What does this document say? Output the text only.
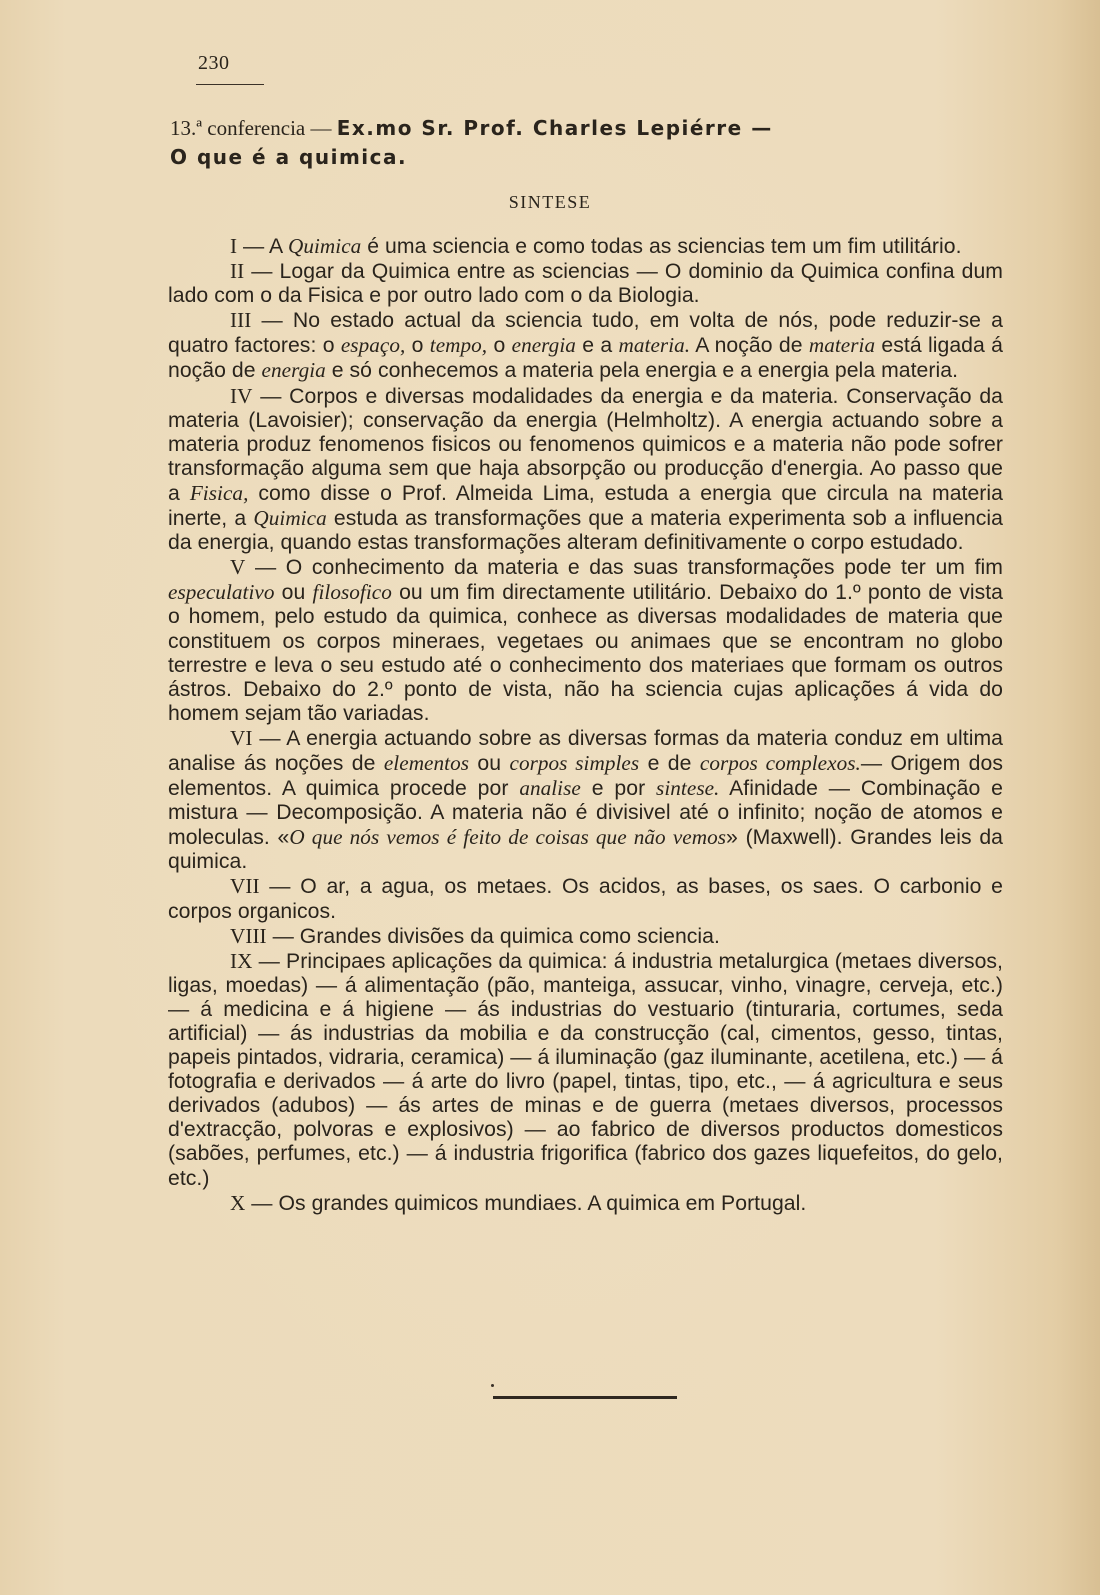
230
13.ª conferencia — Ex.mo Sr. Prof. Charles Lepiérre —
O que é a quimica.
SINTESE

I — A Quimica é uma sciencia e como todas as sciencias tem um fim utilitário.

II — Logar da Quimica entre as sciencias — O dominio da Quimica confina dum lado com o da Fisica e por outro lado com o da Biologia.

III — No estado actual da sciencia tudo, em volta de nós, pode reduzir-se a quatro factores: o espaço, o tempo, o energia e a materia. A noção de materia está ligada á noção de energia e só conhecemos a materia pela energia e a energia pela materia.

IV — Corpos e diversas modalidades da energia e da materia. Conservação da materia (Lavoisier); conservação da energia (Helmholtz). A energia actuando sobre a materia produz fenomenos fisicos ou fenomenos quimicos e a materia não pode sofrer transformação alguma sem que haja absorpção ou producção d'energia. Ao passo que a Fisica, como disse o Prof. Almeida Lima, estuda a energia que circula na materia inerte, a Quimica estuda as transformações que a materia experimenta sob a influencia da energia, quando estas transformações alteram definitivamente o corpo estudado.

V — O conhecimento da materia e das suas transformações pode ter um fim especulativo ou filosofico ou um fim directamente utilitário. Debaixo do 1.º ponto de vista o homem, pelo estudo da quimica, conhece as diversas modalidades de materia que constituem os corpos mineraes, vegetaes ou animaes que se encontram no globo terrestre e leva o seu estudo até o conhecimento dos materiaes que formam os outros ástros. Debaixo do 2.º ponto de vista, não ha sciencia cujas aplicações á vida do homem sejam tão variadas.

VI — A energia actuando sobre as diversas formas da materia conduz em ultima analise ás noções de elementos ou corpos simples e de corpos complexos.— Origem dos elementos. A quimica procede por analise e por sintese. Afinidade — Combinação e mistura — Decomposição. A materia não é divisivel até o infinito; noção de atomos e moleculas. «O que nós vemos é feito de coisas que não vemos» (Maxwell). Grandes leis da quimica.

VII — O ar, a agua, os metaes. Os acidos, as bases, os saes. O carbonio e corpos organicos.

VIII — Grandes divisões da quimica como sciencia.

IX — Principaes aplicações da quimica: á industria metalurgica (metaes diversos, ligas, moedas) — á alimentação (pão, manteiga, assucar, vinho, vinagre, cerveja, etc.) — á medicina e á higiene — ás industrias do vestuario (tinturaria, cortumes, seda artificial) — ás industrias da mobilia e da construcção (cal, cimentos, gesso, tintas, papeis pintados, vidraria, ceramica) — á iluminação (gaz iluminante, acetilena, etc.) — á fotografia e derivados — á arte do livro (papel, tintas, tipo, etc., — á agricultura e seus derivados (adubos) — ás artes de minas e de guerra (metaes diversos, processos d'extracção, polvoras e explosivos) — ao fabrico de diversos productos domesticos (sabões, perfumes, etc.) — á industria frigorifica (fabrico dos gazes liquefeitos, do gelo, etc.)

X — Os grandes quimicos mundiaes. A quimica em Portugal.
